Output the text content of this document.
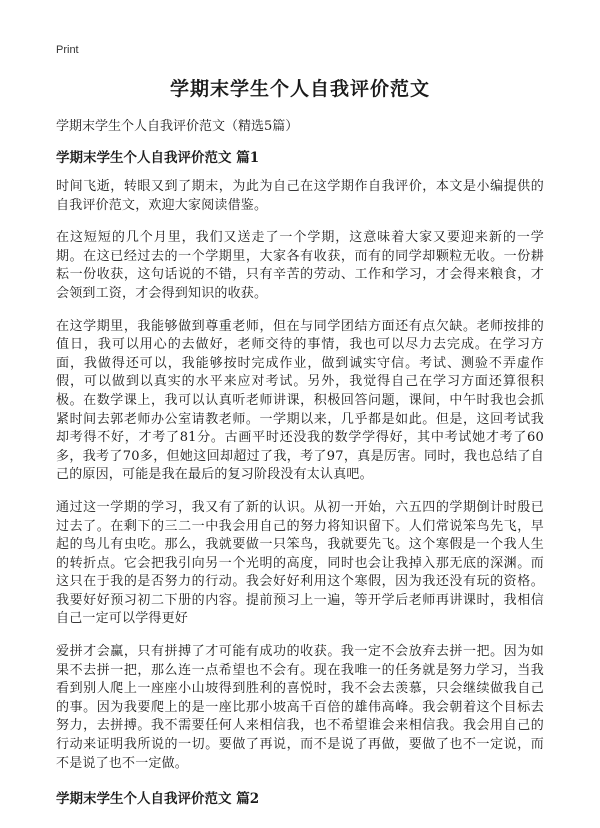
Print
学期末学生个人自我评价范文
学期末学生个人自我评价范文（精选5篇）
学期末学生个人自我评价范文 篇1

时间飞逝，转眼又到了期末，为此为自己在这学期作自我评价，本文是小编提供的自我评价范文，欢迎大家阅读借鉴。

在这短短的几个月里，我们又送走了一个学期，这意味着大家又要迎来新的一学期。在这已经过去的一个学期里，大家各有收获，而有的同学却颗粒无收。一份耕耘一份收获，这句话说的不错，只有辛苦的劳动、工作和学习，才会得来粮食，才会领到工资，才会得到知识的收获。

在这学期里，我能够做到尊重老师，但在与同学团结方面还有点欠缺。老师按排的值日，我可以用心的去做好，老师交待的事情，我也可以尽力去完成。在学习方面，我做得还可以，我能够按时完成作业，做到诚实守信。考试、测验不弄虚作假，可以做到以真实的水平来应对考试。另外，我觉得自己在学习方面还算很积极。在数学课上，我可以认真听老师讲课，积极回答问题，课间，中午时我也会抓紧时间去郭老师办公室请教老师。一学期以来，几乎都是如此。但是，这回考试我却考得不好，才考了81分。古画平时还没我的数学学得好，其中考试她才考了60多，我考了70多，但她这回却超过了我，考了97，真是厉害。同时，我也总结了自己的原因，可能是我在最后的复习阶段没有太认真吧。

通过这一学期的学习，我又有了新的认识。从初一开始，六五四的学期倒计时殷已过去了。在剩下的三二一中我会用自己的努力将知识留下。人们常说笨鸟先飞，早起的鸟儿有虫吃。那么，我就要做一只笨鸟，我就要先飞。这个寒假是一个我人生的转折点。它会把我引向另一个光明的高度，同时也会让我掉入那无底的深渊。而这只在于我的是否努力的行动。我会好好利用这个寒假，因为我还没有玩的资格。我要好好预习初二下册的内容。提前预习上一遍，等开学后老师再讲课时，我相信自己一定可以学得更好

爱拼才会赢，只有拼搏了才可能有成功的收获。我一定不会放弃去拼一把。因为如果不去拼一把，那么连一点希望也不会有。现在我唯一的任务就是努力学习，当我看到别人爬上一座座小山坡得到胜利的喜悦时，我不会去羡慕，只会继续做我自己的事。因为我要爬上的是一座比那小坡高千百倍的雄伟高峰。我会朝着这个目标去努力，去拼搏。我不需要任何人来相信我，也不希望谁会来相信我。我会用自己的行动来证明我所说的一切。要做了再说，而不是说了再做，要做了也不一定说，而不是说了也不一定做。

学期末学生个人自我评价范文 篇2
